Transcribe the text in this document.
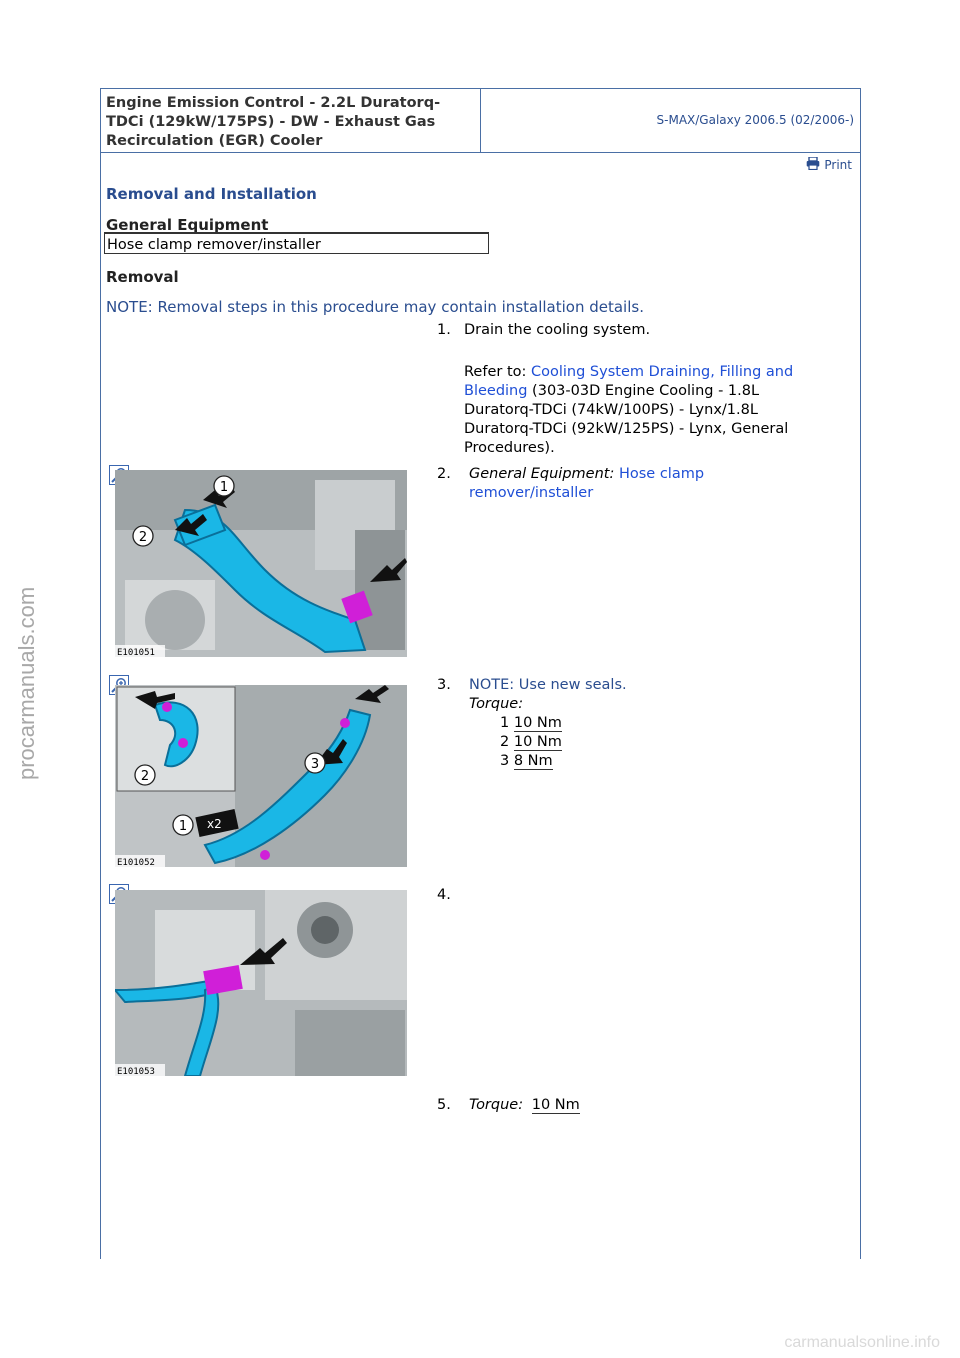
Engine Emission Control - 2.2L Duratorq-
TDCi (129kW/175PS) - DW - Exhaust Gas
Recirculation (EGR) Cooler
S-MAX/Galaxy 2006.5 (02/2006-)
Print
Removal and Installation
General Equipment
Hose clamp remover/installer
Removal
NOTE: Removal steps in this procedure may contain installation details.
1. Drain the cooling system.
Refer to: Cooling System Draining, Filling and
Bleeding (303-03D Engine Cooling - 1.8L
Duratorq-TDCi (74kW/100PS) - Lynx/1.8L
Duratorq-TDCi (92kW/125PS) - Lynx, General
Procedures).
1
2
E101051
2. General Equipment: Hose clamp
remover/installer
x2
2
3
1
E101052
3. NOTE: Use new seals.
Torque:
1 10 Nm
2 10 Nm
3 8 Nm
E101053
4.
5. Torque: 10 Nm
procarmanuals.com
carmanualsonline.info
